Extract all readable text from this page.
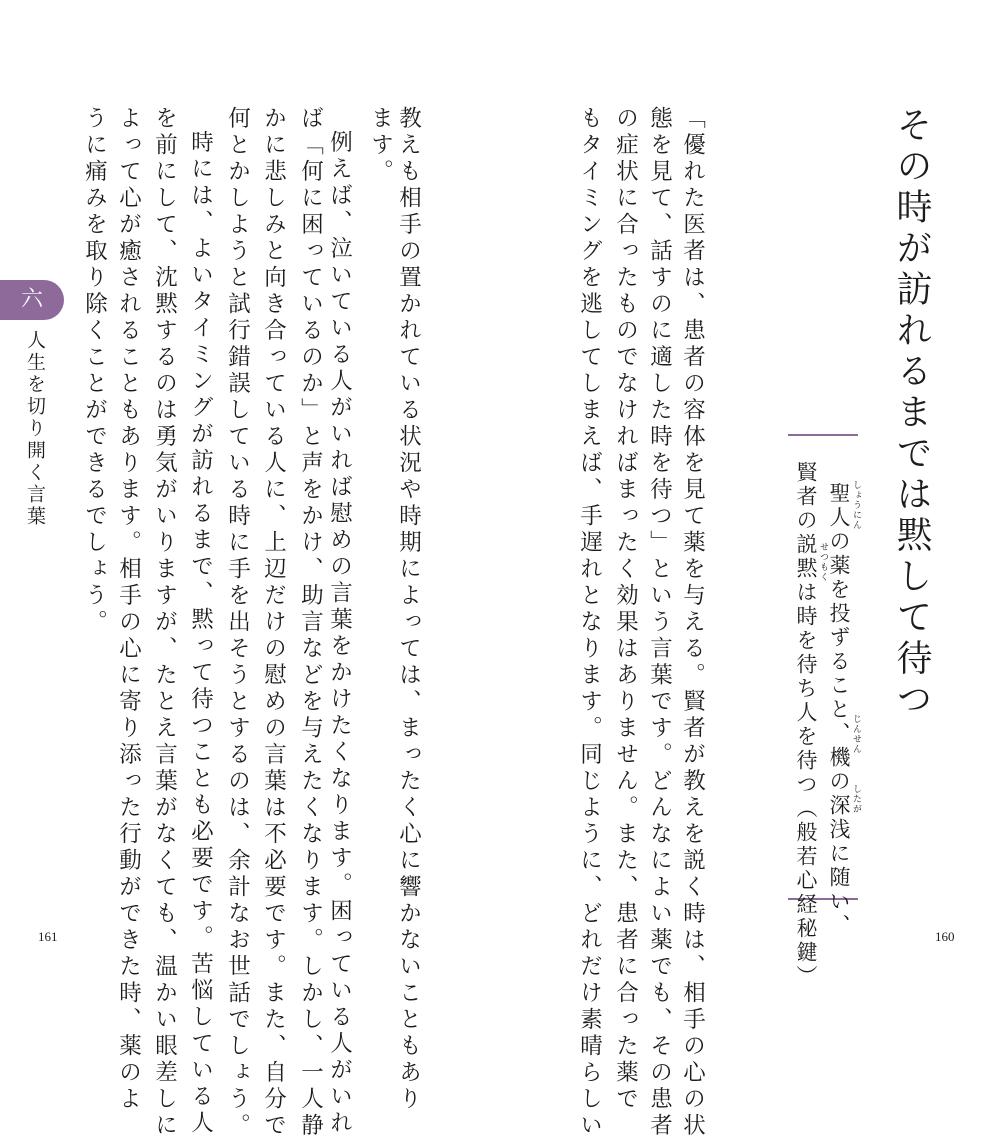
教えも相手の置かれている状況や時期によっては、まったく心に響かないこともあり
ます。
例えば、泣いている人がいれば慰めの言葉をかけたくなります。困っている人がいれ
ば「何に困っているのか」と声をかけ、助言などを与えたくなります。しかし、一人静
かに悲しみと向き合っている人に、上辺だけの慰めの言葉は不必要です。また、自分で
何とかしようと試行錯誤している時に手を出そうとするのは、余計なお世話でしょう。
時には、よいタイミングが訪れるまで、黙って待つことも必要です。苦悩している人
を前にして、沈黙するのは勇気がいりますが、たとえ言葉がなくても、温かい眼差しに
よって心が癒されることもあります。相手の心に寄り添った行動ができた時、薬のよ
うに痛みを取り除くことができるでしょう。
六
人生を切り開く言葉
161
その時が訪れるまでは黙して待つ
聖人の薬を投ずること、機の深浅に随い、
賢者の説黙は時を待ち人を待つ（般若心経秘鍵）	しょうにん
じんせん
したが
せつもく
「優れた医者は、患者の容体を見て薬を与える。賢者が教えを説く時は、相手の心の状
態を見て、話すのに適した時を待つ」という言葉です。どんなによい薬でも、その患者
の症状に合ったものでなければまったく効果はありません。また、患者に合った薬で
もタイミングを逃してしまえば、手遅れとなります。同じように、どれだけ素晴らしい	160
